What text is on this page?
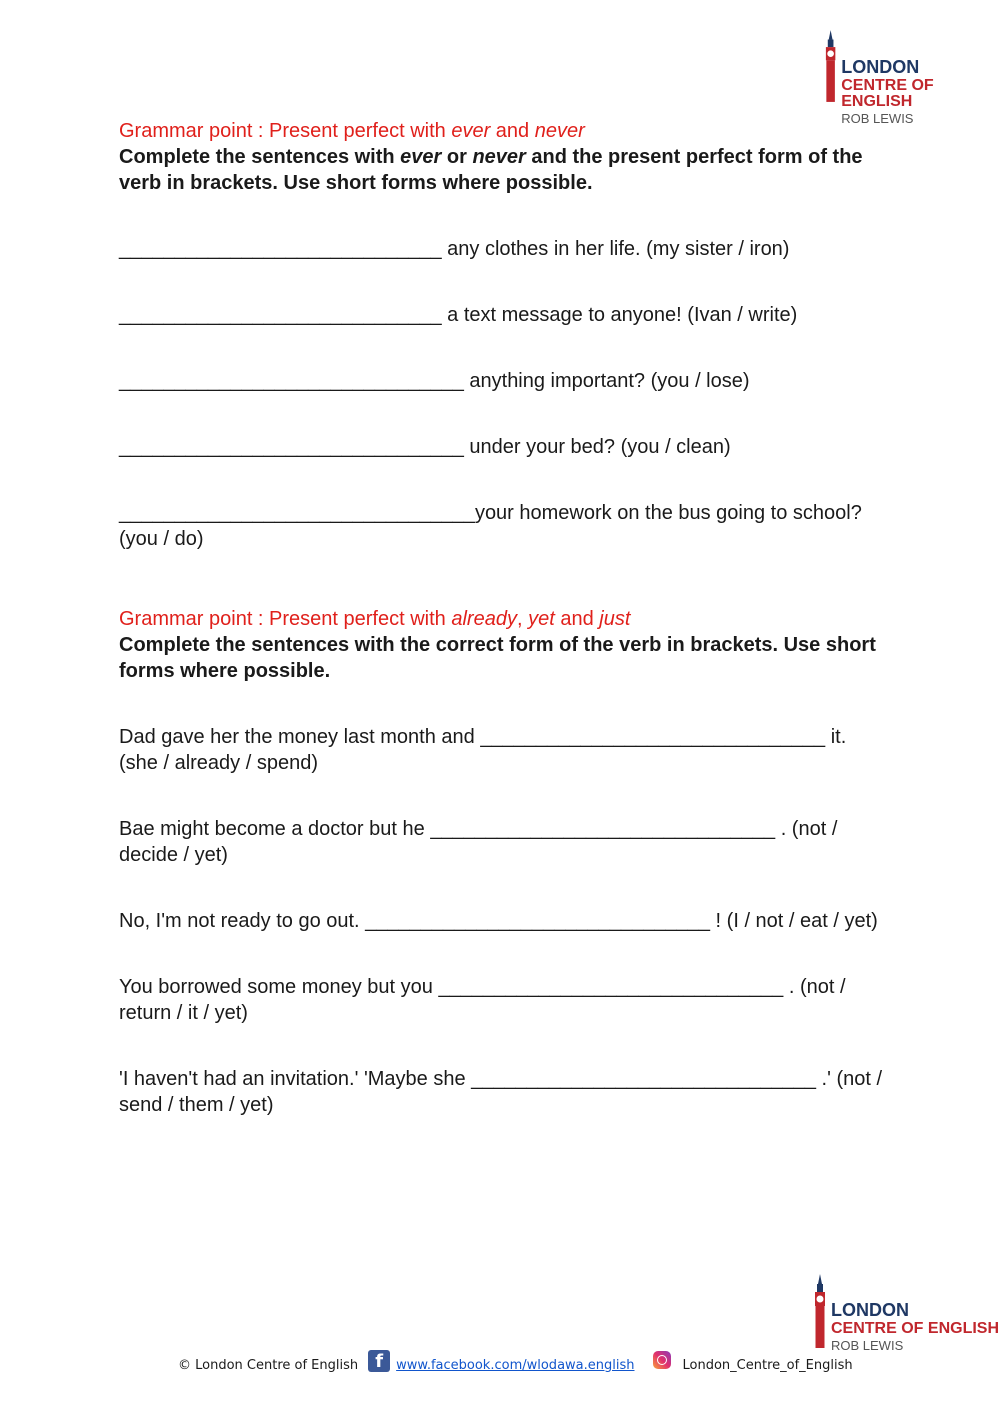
LONDON
CENTRE OF ENGLISH
ROB LEWIS

Grammar point : Present perfect with ever and never

Complete the sentences with ever or never and the present perfect form of the verb in brackets. Use short forms where possible.

_____________________________ any clothes in her life. (my sister / iron)

_____________________________ a text message to anyone! (Ivan / write)

_______________________________ anything important? (you / lose)

_______________________________ under your bed? (you / clean)

________________________________your homework on the bus going to school? (you / do)

Grammar point : Present perfect with already, yet and just

Complete the sentences with the correct form of the verb in brackets. Use short forms where possible.

Dad gave her the money last month and _______________________________ it. (she / already / spend)

Bae might become a doctor but he _______________________________ . (not / decide / yet)

No, I'm not ready to go out. _______________________________ ! (I / not / eat / yet)

You borrowed some money but you _______________________________ . (not / return / it / yet)

'I haven't had an invitation.' 'Maybe she _______________________________ .' (not / send / them / yet)

LONDON
CENTRE OF ENGLISH
ROB LEWIS
© London Centre of English f	www.facebook.com/wlodawa.english	London_Centre_of_English
